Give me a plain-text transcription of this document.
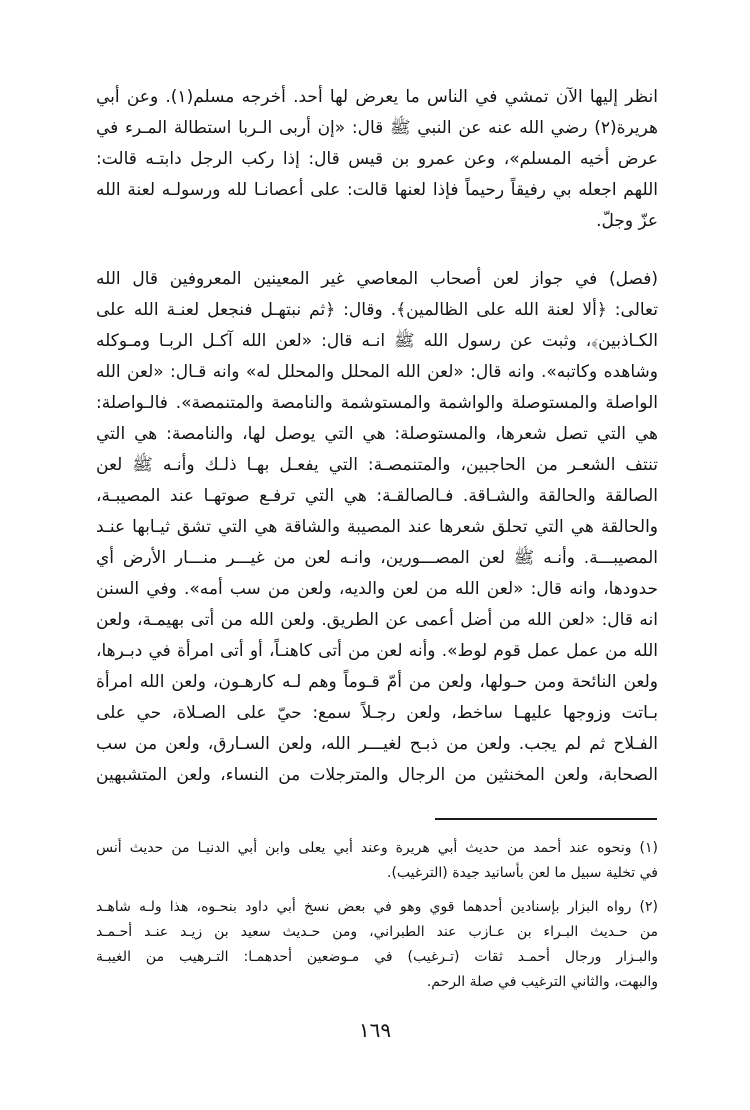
انظر إليها الآن تمشي في الناس ما يعرض لها أحد. أخرجه مسلم(١). وعن أبي
هريرة(٢) رضي الله عنه عن النبي ﷺ قال: «إن أربى الـربا استطالة المـرء في
عرض أخيه المسلم»، وعن عمرو بن قيس قال: إذا ركب الرجل دابتـه قالت:
اللهم اجعله بي رفيقاً رحيماً فإذا لعنها قالت: على أعصانـا لله ورسولـه لعنة الله
عزّ وجلّ.
(فصل) في جواز لعن أصحاب المعاصي غير المعينين المعروفين قال الله
تعالى: ﴿ألا لعنة الله على الظالمين﴾. وقال: ﴿ثم نبتهـل فنجعل لعنـة الله على
الكـاذبين﴾، وثبت عن رسول الله ﷺ انـه قال: «لعن الله آكـل الربـا ومـوكله
وشاهده وكاتبه». وانه قال: «لعن الله المحلل والمحلل له» وانه قـال: «لعن الله
الواصلة والمستوصلة والواشمة والمستوشمة والنامصة والمتنمصة». فالـواصلة:
هي التي تصل شعرها، والمستوصلة: هي التي يوصل لها، والنامصة: هي التي
تنتف الشعـر من الحاجبين، والمتنمصـة: التي يفعـل بهـا ذلـك وأنـه ﷺ لعن
الصالقة والحالقة والشـاقة. فـالصالقـة: هي التي ترفـع صوتهـا عند المصيبـة،
والحالقة هي التي تحلق شعرها عند المصيبة والشاقة هي التي تشق ثيـابها عنـد
المصيبـــة. وأنـه ﷺ لعن المصـــورين، وانـه لعن من غيـــر منـــار الأرض أي
حدودها، وانه قال: «لعن الله من لعن والديه، ولعن من سب أمه». وفي السنن
انه قال: «لعن الله من أضل أعمى عن الطريق. ولعن الله من أتى بهيمـة، ولعن
الله من عمل عمل قوم لوط». وأنه لعن من أتى كاهنـاً، أو أتى امرأة في دبـرها،
ولعن النائحة ومن حـولها، ولعن من أمّ قـوماً وهم لـه كارهـون، ولعن الله امرأة
بـاتت وزوجها عليهـا ساخط، ولعن رجـلاً سمع: حيّ على الصـلاة، حي على
الفـلاح ثم لم يجب. ولعن من ذبـح لغيـــر الله، ولعن السـارق، ولعن من سب
الصحابة، ولعن المخنثين من الرجال والمترجلات من النساء، ولعن المتشبهين
(١) ونحوه عند أحمد من حديث أبي هريرة وعند أبي يعلى وابن أبي الدنيـا من حديث أنس
في تخلية سبيل ما لعن بأسانيد جيدة (الترغيب).
(٢) رواه البزار بإسنادين أحدهما قوي وهو في بعض نسخ أبي داود بنحـوه، هذا ولـه شاهـد
من حـديث البـراء بن عـازب عند الطبراني، ومن حـديث سعيد بن زيـد عنـد أحـمـد
والبـزار ورجال أحمـد ثقات (تـرغيب) في مـوضعين أحدهمـا: التـرهيب من الغيبـة
والبهت، والثاني الترغيب في صلة الرحم.
١٦٩
